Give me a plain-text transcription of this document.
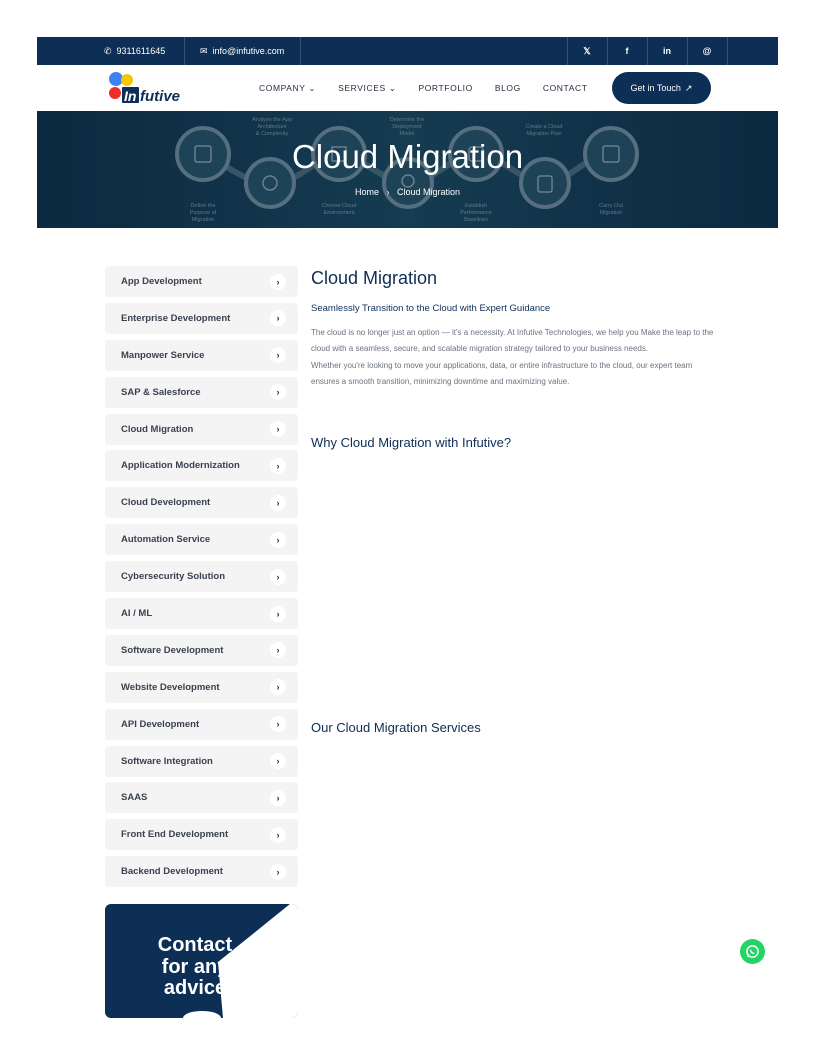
✆ 9311611645	✉ info@infutive.com	𝕏	f	in	@
In futive
COMPANY ⌄	SERVICES ⌄	PORTFOLIO	BLOG	CONTACT	Get in Touch ↗
Analyze the App
Architecture
& Complexity
Determine the
Deployment
Model
Create a Cloud
Migration Plan
Define the
Purpose of
Migration
Choose Cloud
Environment
Establish
Performance
Baselines
Carry Out
Migration
Cloud Migration
Home › Cloud Migration
App Development	›
Enterprise Development	›
Manpower Service	›
SAP & Salesforce	›
Cloud Migration	›
Application Modernization	›
Cloud Development	›
Automation Service	›
Cybersecurity Solution	›
AI / ML	›
Software Development	›
Website Development	›
API Development	›
Software Integration	›
SAAS	›
Front End Development	›
Backend Development	›
Contact
for any
advice
Cloud Migration
Seamlessly Transition to the Cloud with Expert Guidance

The cloud is no longer just an option — it's a necessity. At Infutive Technologies, we help you Make the leap to the cloud with a seamless, secure, and scalable migration strategy tailored to your business needs.

Whether you're looking to move your applications, data, or entire infrastructure to the cloud, our expert team ensures a smooth transition, minimizing downtime and maximizing value.

Why Cloud Migration with Infutive?
Our Cloud Migration Services
